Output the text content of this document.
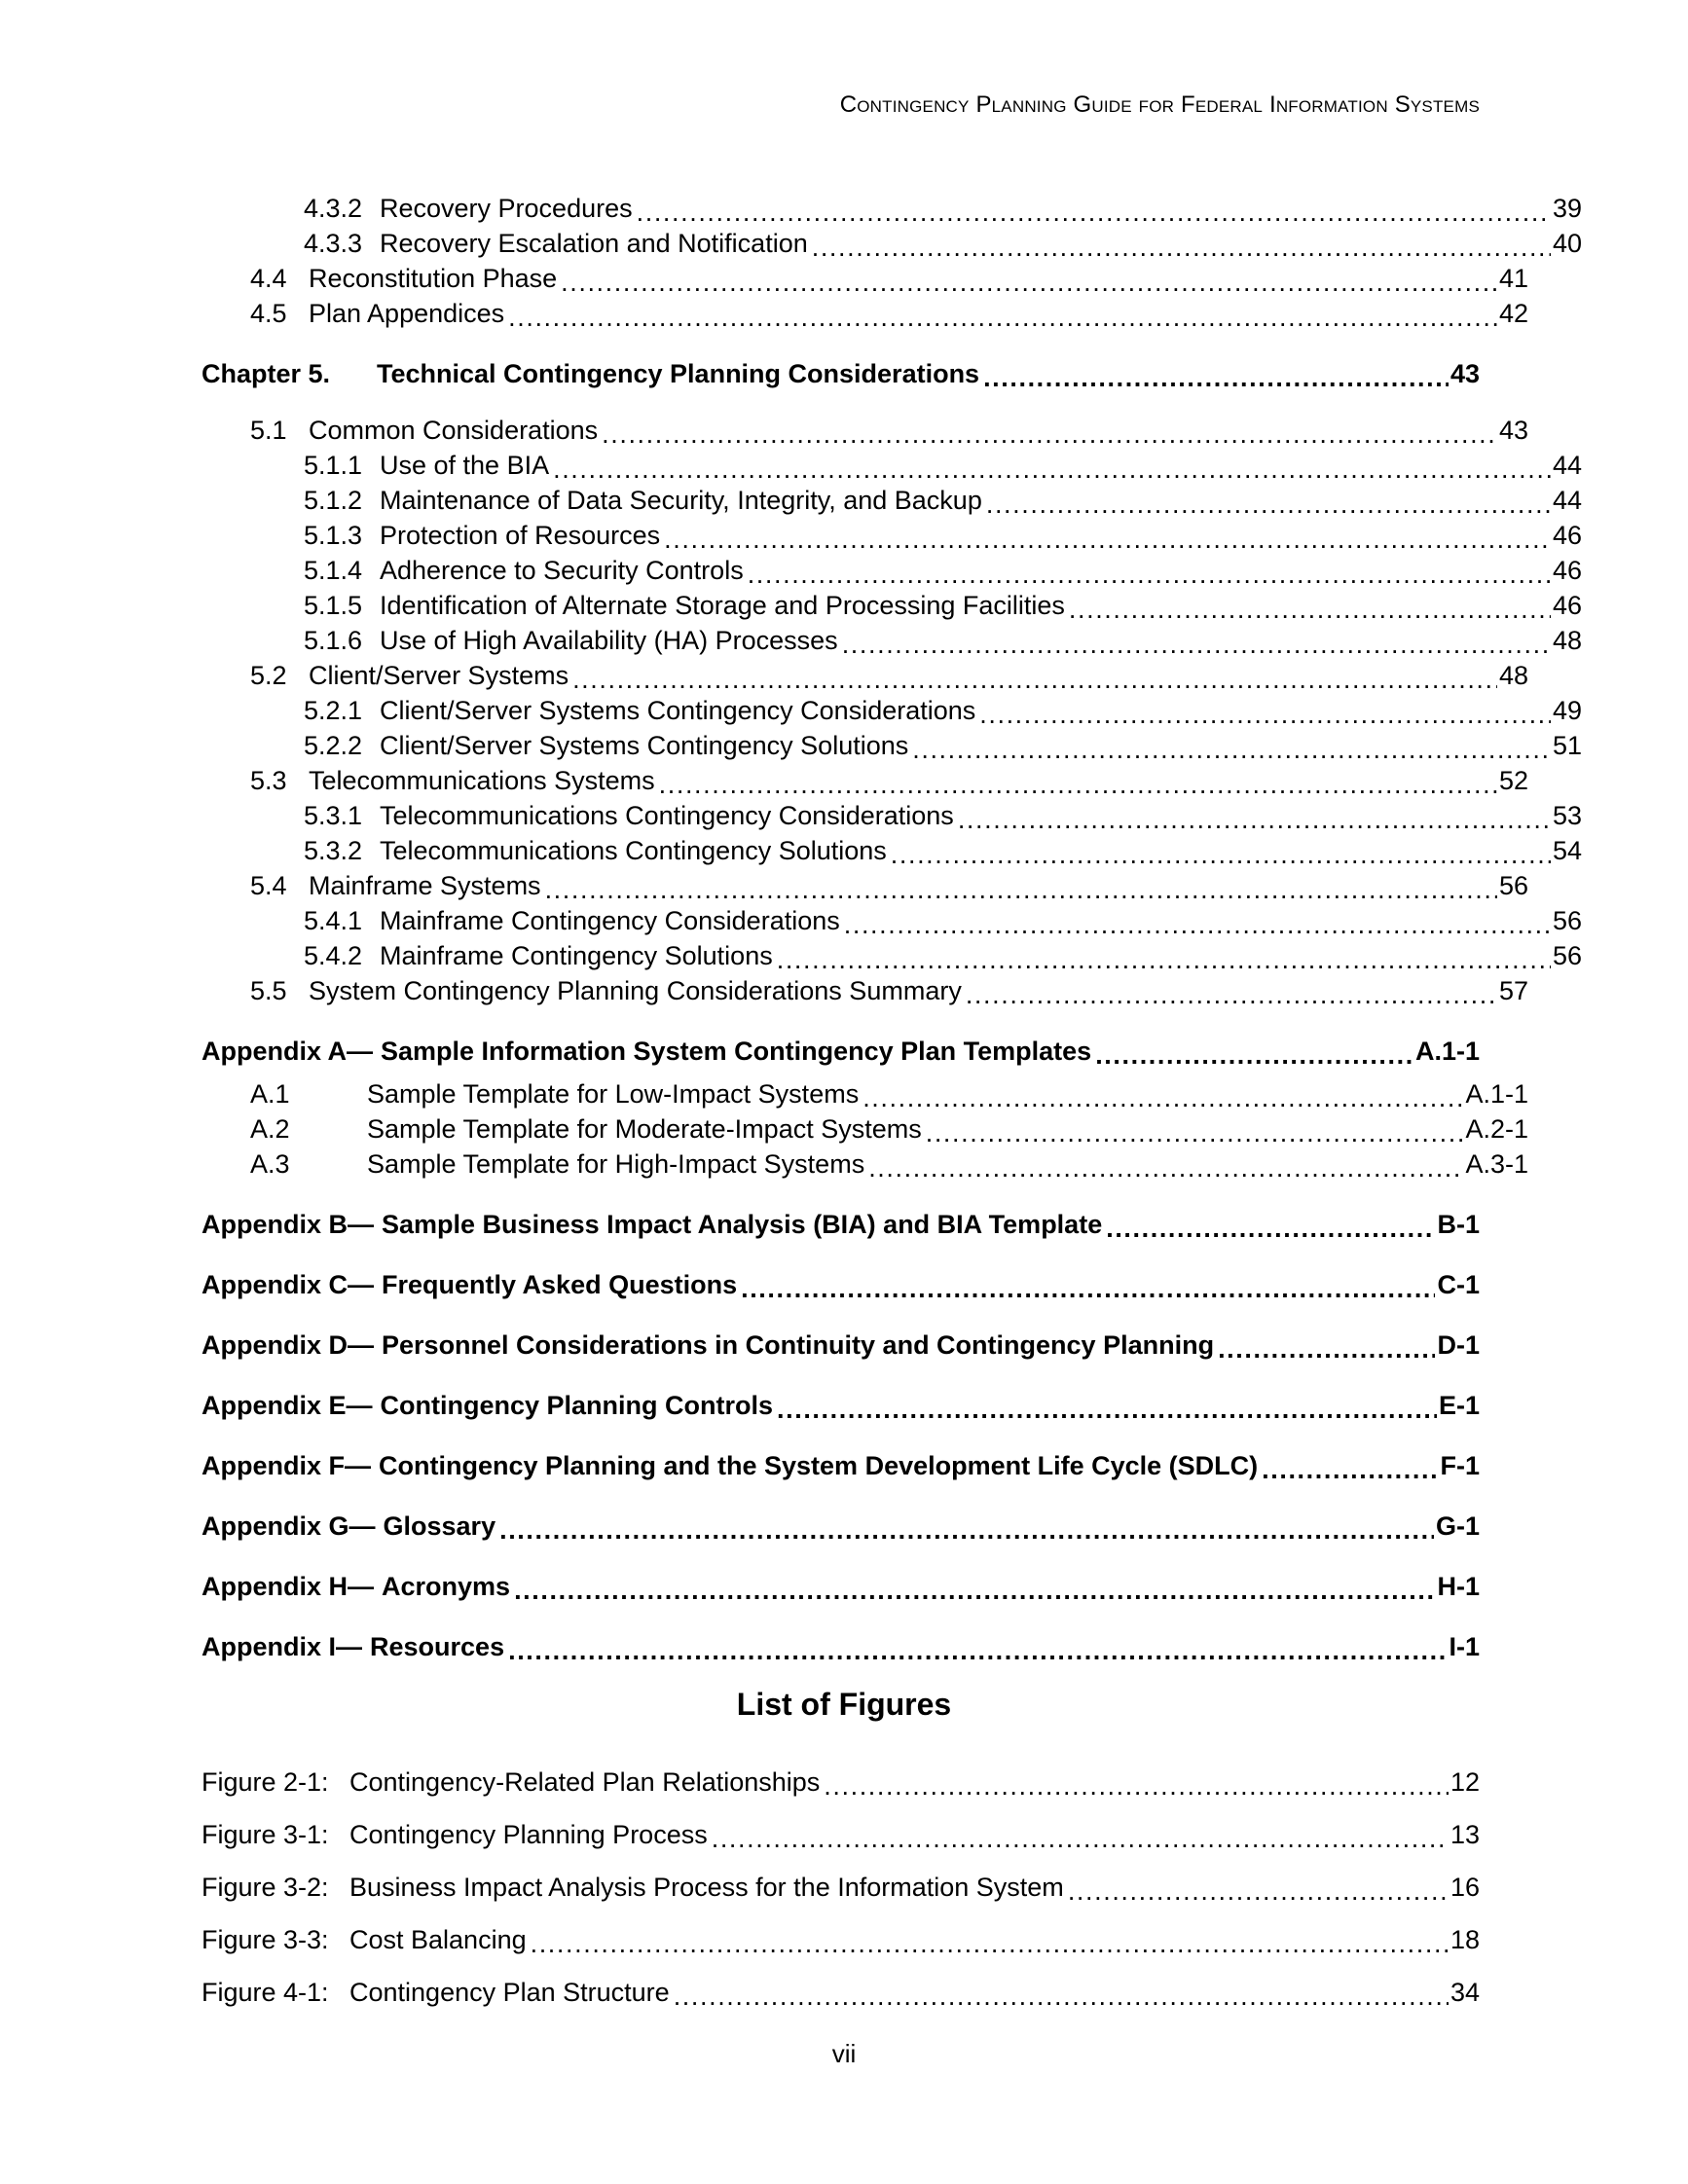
Contingency Planning Guide for Federal Information Systems
4.3.2 Recovery Procedures .....	39
4.3.3 Recovery Escalation and Notification .....	40
4.4 Reconstitution Phase .....	41
4.5 Plan Appendices .....	42
Chapter 5.	Technical Contingency Planning Considerations .....	43
5.1 Common Considerations .....	43
5.1.1 Use of the BIA .....	44
5.1.2 Maintenance of Data Security, Integrity, and Backup .....	44
5.1.3 Protection of Resources .....	46
5.1.4 Adherence to Security Controls .....	46
5.1.5 Identification of Alternate Storage and Processing Facilities .....	46
5.1.6 Use of High Availability (HA) Processes .....	48
5.2 Client/Server Systems .....	48
5.2.1 Client/Server Systems Contingency Considerations .....	49
5.2.2 Client/Server Systems Contingency Solutions .....	51
5.3 Telecommunications Systems .....	52
5.3.1 Telecommunications Contingency Considerations .....	53
5.3.2 Telecommunications Contingency Solutions .....	54
5.4 Mainframe Systems .....	56
5.4.1 Mainframe Contingency Considerations .....	56
5.4.2 Mainframe Contingency Solutions .....	56
5.5 System Contingency Planning Considerations Summary .....	57
Appendix A— Sample Information System Contingency Plan Templates .....	A.1-1
A.1	Sample Template for Low-Impact Systems .....	A.1-1
A.2	Sample Template for Moderate-Impact Systems .....	A.2-1
A.3	Sample Template for High-Impact Systems .....	A.3-1
Appendix B— Sample Business Impact Analysis (BIA) and BIA Template .....	B-1
Appendix C— Frequently Asked Questions .....	C-1
Appendix D— Personnel Considerations in Continuity and Contingency Planning .....	D-1
Appendix E— Contingency Planning Controls .....	E-1
Appendix F— Contingency Planning and the System Development Life Cycle (SDLC) .....	F-1
Appendix G— Glossary .....	G-1
Appendix H— Acronyms .....	H-1
Appendix I— Resources .....	I-1
List of Figures
Figure 2-1: Contingency-Related Plan Relationships .....	12
Figure 3-1: Contingency Planning Process .....	13
Figure 3-2: Business Impact Analysis Process for the Information System .....	16
Figure 3-3: Cost Balancing .....	18
Figure 4-1: Contingency Plan Structure .....	34
vii
